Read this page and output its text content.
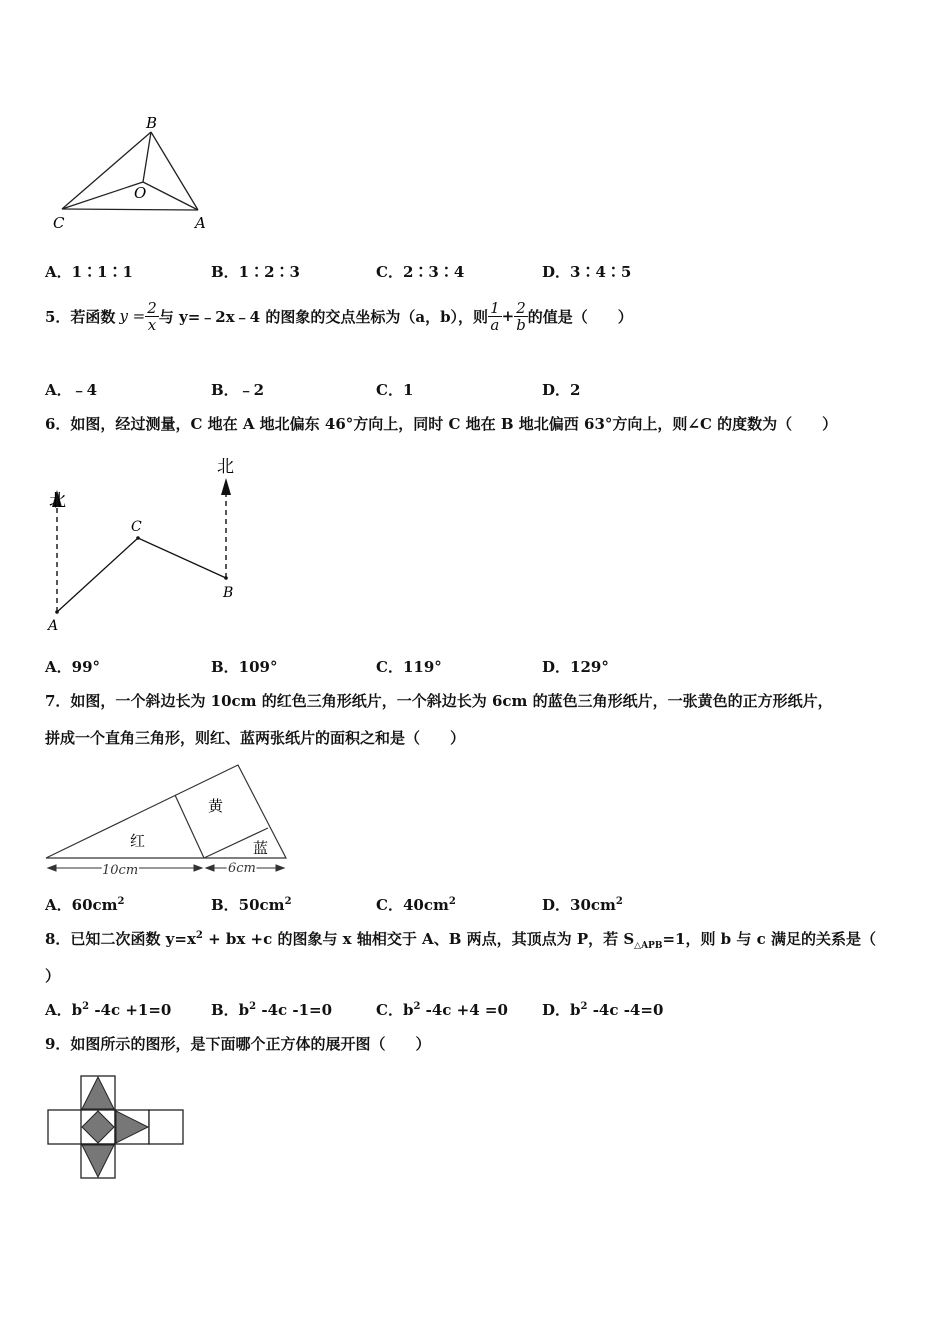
B
O
C	A
A．1∶1∶1	B．1∶2∶3	C．2∶3∶4	D．3∶4∶5
5．若函数 $y = \frac{2}{x}$ 与 y=﹣2x﹣4 的图象的交点坐标为（a，b），则 $\frac{1}{a} + \frac{2}{b}$ 的值是（　　）
A．﹣4	B．﹣2	C．1	D．2
6．如图，经过测量，C 地在 A 地北偏东 46°方向上，同时 C 地在 B 地北偏西 63°方向上，则∠C 的度数为（　　）
北
北
C
A
B
A．99°	B．109°	C．119°	D．129°
7．如图，一个斜边长为 10cm 的红色三角形纸片，一个斜边长为 6cm 的蓝色三角形纸片，一张黄色的正方形纸片，
拼成一个直角三角形，则红、蓝两张纸片的面积之和是（　　）
黄
红	蓝
10cm	6cm
A．$60cm^2$	B．$50cm^2$	C．$40cm^2$	D．$30cm^2$
8．已知二次函数 $y=x^2$ + bx +c 的图象与 x 轴相交于 A、B 两点，其顶点为 P，若 $S_{\triangle APB}=1$，则 b 与 c 满足的关系是（
）
A．$b^2$ -4c +1=0	B．$b^2$ -4c -1=0	C．$b^2$ -4c +4 =0 D．$b^2$ -4c -4=0
9．如图所示的图形，是下面哪个正方体的展开图（　　）
